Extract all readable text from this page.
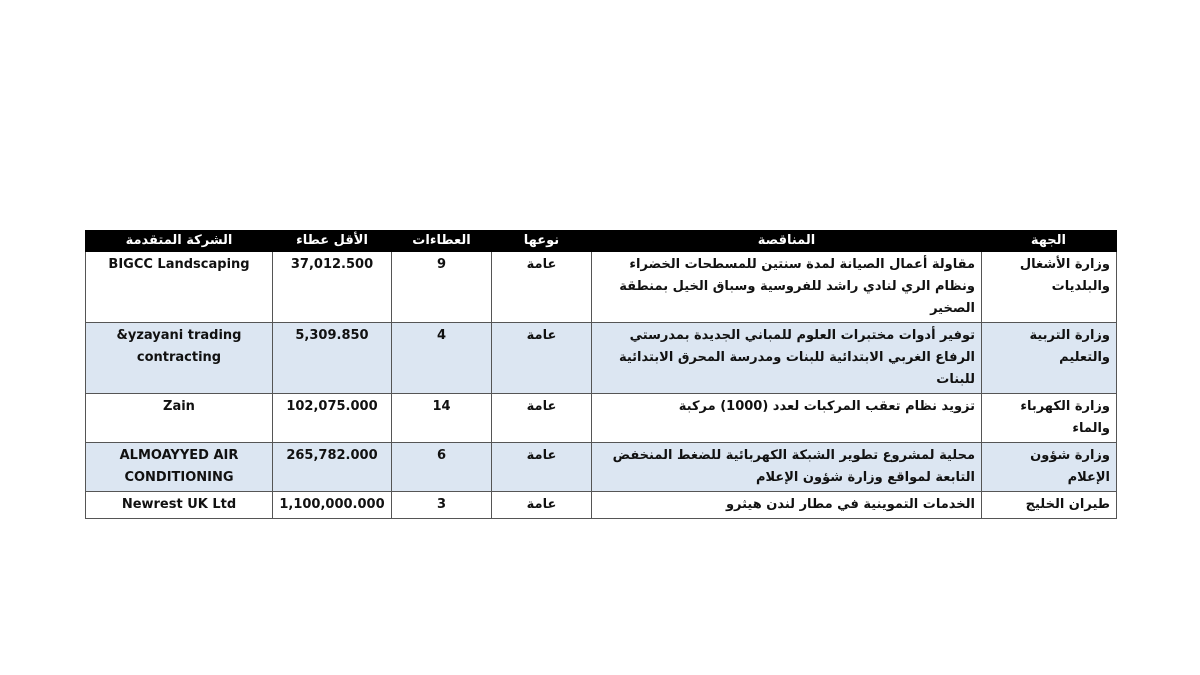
الشركة المتقدمة	الأقل عطاء	العطاءات	نوعها	المناقصة	الجهة
BIGCC Landscaping	37,012.500	9	عامة	مقاولة أعمال الصيانة لمدة سنتين للمسطحات الخضراء ونظام الري لنادي راشد للفروسية وسباق الخيل بمنطقة الصخير	وزارة الأشغال والبلديات
&yzayani trading contracting	5,309.850	4	عامة	توفير أدوات مختبرات العلوم للمباني الجديدة بمدرستي الرفاع الغربي الابتدائية للبنات ومدرسة المحرق الابتدائية للبنات	وزارة التربية والتعليم
Zain	102,075.000	14	عامة	تزويد نظام تعقب المركبات لعدد (1000) مركبة	وزارة الكهرباء والماء
ALMOAYYED AIR CONDITIONING	265,782.000	6	عامة	محلية لمشروع تطوير الشبكة الكهربائية للضغط المنخفض التابعة لمواقع وزارة شؤون الإعلام	وزارة شؤون الإعلام
Newrest UK Ltd	1,100,000.000	3	عامة	الخدمات التموينية في مطار لندن هيثرو	طيران الخليج
